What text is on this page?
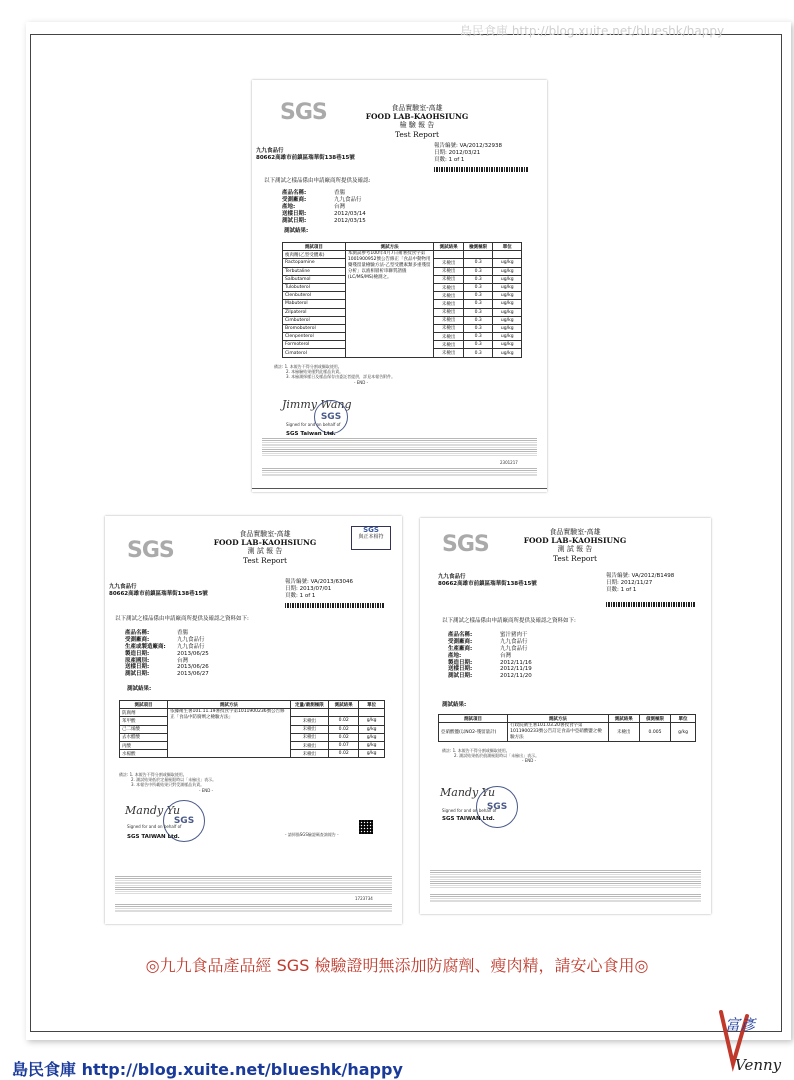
島民食庫 http://blog.xuite.net/blueshk/happy
SGS	食品實驗室-高雄
FOOD LAB-KAOHSIUNG
檢 驗 報 告
Test Report
九九食品行
80662高雄市前鎮區瑞華街138巷15號
報告編號: VA/2012/32938
日期: 2012/03/21
頁數: 1 of 1
以下測試之樣品係由申請廠商所提供及確認:
產品名稱:	香腸
受測廠商:	九九食品行
產地:	台灣
送樣日期:	2012/03/14
測試日期:	2012/03/15
測試結果:
測試項目	測試方法	測試結果	檢測極限	單位
瘦肉精(乙型受體素)	本測試參考100年4月7日衛署授食字第1001900952號公告修正「食品中動物用藥殘留量檢驗方法-乙型受體素類多重殘留分析」以液相層析串聯質譜儀(LC/MS/MS)檢測之。			
Ractopamine		未檢出	0.3	ug/kg
Terbutaline		未檢出	0.3	ug/kg
Salbutamol		未檢出	0.3	ug/kg
Tulobuterol		未檢出	0.3	ug/kg
Clenbuterol		未檢出	0.3	ug/kg
Mabuterol		未檢出	0.3	ug/kg
Zilpaterol		未檢出	0.3	ug/kg
Cimbuterol		未檢出	0.3	ug/kg
Bromobuterol		未檢出	0.3	ug/kg
Clenpenterol		未檢出	0.3	ug/kg
Formoterol		未檢出	0.3	ug/kg
Cimaterol		未檢出	0.3	ug/kg
備註: 1. 本報告不得分割或擷取使用。
2. 本檢驗結果僅對此樣品負責。
3. 本檢測採樣日及樣品保存由委託者提供，詳見本報告附件。
- END -
Jimmy Wang
SGS
Signed for and on behalf of
SGS Taiwan Ltd.
2301217
SGS
食品實驗室-高雄
FOOD LAB-KAOHSIUNG
測 試 報 告
Test Report
SGS
與正本相符
九九食品行
80662高雄市前鎮區瑞華街138巷15號
報告編號: VA/2013/63046
日期: 2013/07/01
頁數: 1 of 1
以下測試之樣品係由申請廠商所提供及確認之資料如下:
產品名稱:	香腸
受測廠商:	九九食品行
生產或製造廠商:	九九食品行
製造日期:	2013/06/25
原產國別:	台灣
送樣日期:	2013/06/26
測試日期:	2013/06/27
測試結果:
測試項目	測試方法	定量/最測極限	測試結果	單位
防腐劑	依據衛生署101.11.19署授食字第1011900236號公告修正「食品中防腐劑之檢驗方法」			
苯甲酸		未檢出	0.02	g/kg
己二烯酸		未檢出	0.02	g/kg
去水醋酸		未檢出	0.02	g/kg
丙酸		未檢出	0.07	g/kg
水楊酸		未檢出	0.02	g/kg
備註: 1. 本報告不得分割或擷取使用。
2. 測試結果低於定量極限時以「未檢出」表示。
3. 本報告中所載結果只對受測樣品負責。
- END -
Mandy Yu
SGS
Signed for and on behalf of
SGS TAIWAN Ltd.	- 請掃描SGS驗證碼查詢報告 -
1723734
SGS	食品實驗室-高雄
FOOD LAB-KAOHSIUNG
測 試 報 告
Test Report
九九食品行
80662高雄市前鎮區瑞華街138巷15號
報告編號: VA/2012/B1498
日期: 2012/11/27
頁數: 1 of 1
以下測試之樣品係由申請廠商所提供及確認之資料如下:
產品名稱:	蜜汁豬肉干
受測廠商:	九九食品行
生產廠商:	九九食品行
產地:	台灣
製造日期:	2012/11/16
送樣日期:	2012/11/19
測試日期:	2012/11/20
測試結果:
測試項目	測試方法	測試結果	偵測極限	單位
亞硝酸鹽(以NO2-殘留量計)	行政院衛生署101.03.20署授食字第1011900233號公告訂定食品中亞硝酸鹽之檢驗方法	未檢出	0.005	g/kg
備註: 1. 本報告不得分割或擷取使用。
2. 測試結果低於偵測極限時以「未檢出」表示。
- END -
Mandy Yu
SGS
Signed for and on behalf of
SGS TAIWAN Ltd.
◎九九食品產品經 SGS 檢驗證明無添加防腐劑、瘦肉精，請安心食用◎
島民食庫 http://blog.xuite.net/blueshk/happy
富彥
Venny
